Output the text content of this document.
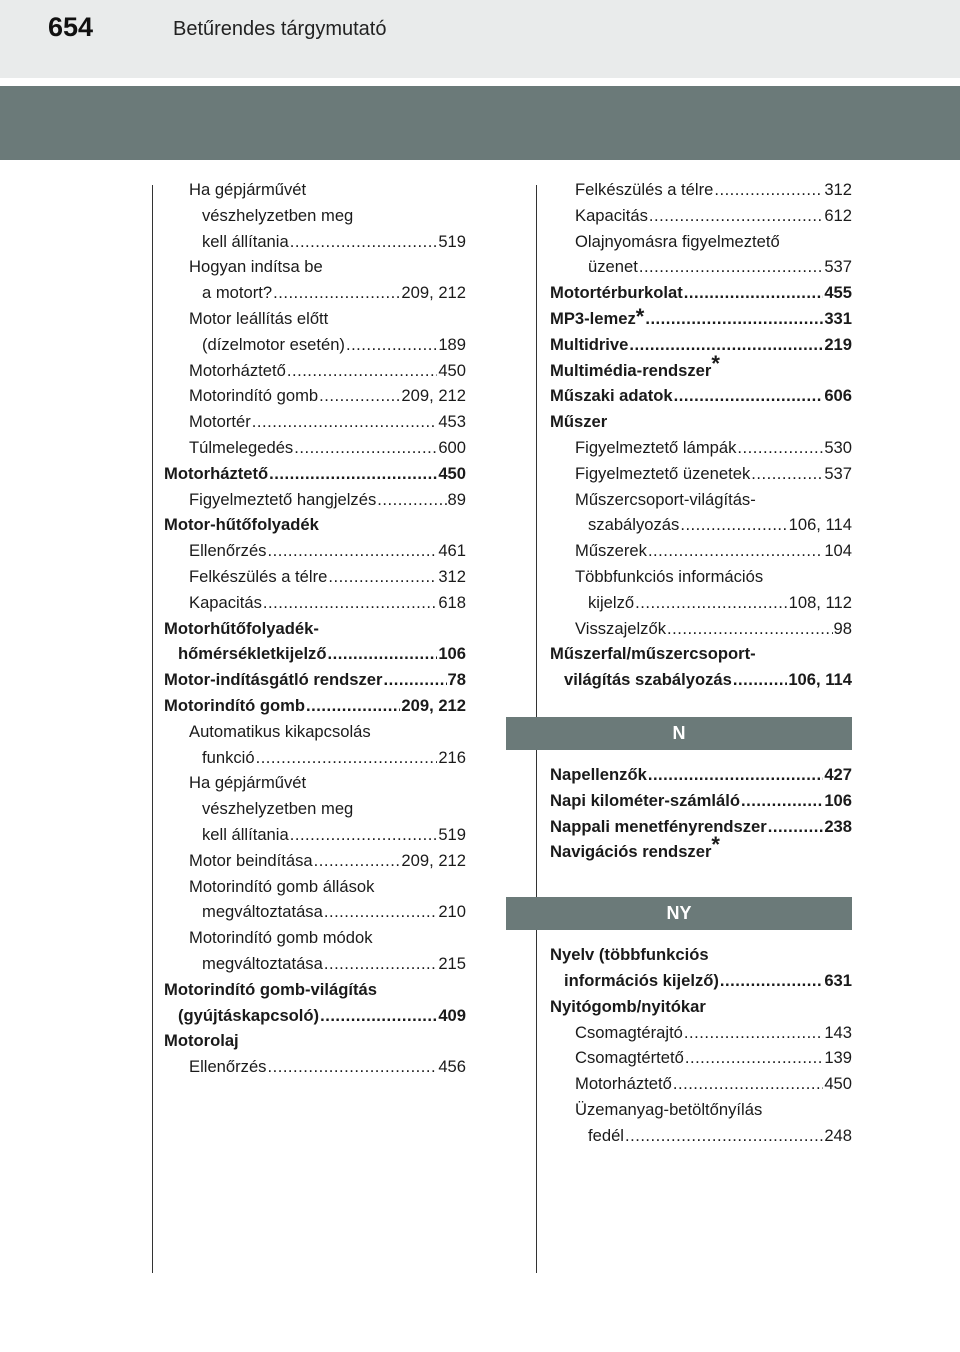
654	Betűrendes tárgymutató
Ha gépjárművét
vészhelyzetben meg
kell állítania .....	519
Hogyan indítsa be
a motort? .....	209, 212
Motor leállítás előtt
(dízelmotor esetén) .....	189
Motorháztető .....	450
Motorindító gomb .....	209, 212
Motortér .....	453
Túlmelegedés .....	600
Motorháztető .....	450
Figyelmeztető hangjelzés .....	89
Motor-hűtőfolyadék
Ellenőrzés .....	461
Felkészülés a télre .....	312
Kapacitás .....	618
Motorhűtőfolyadék-
hőmérsékletkijelző .....	106
Motor-indításgátló rendszer .....	78
Motorindító gomb .....	209, 212
Automatikus kikapcsolás
funkció .....	216
Ha gépjárművét
vészhelyzetben meg
kell állítania .....	519
Motor beindítása .....	209, 212
Motorindító gomb állások
megváltoztatása .....	210
Motorindító gomb módok
megváltoztatása .....	215
Motorindító gomb-világítás
(gyújtáskapcsoló) .....	409
Motorolaj
Ellenőrzés .....	456
Felkészülés a télre .....	312
Kapacitás .....	612
Olajnyomásra figyelmeztető
üzenet .....	537
Motortérburkolat .....	455
MP3-lemez * .....	331
Multidrive .....	219
Multimédia-rendszer*
Műszaki adatok .....	606
Műszer
Figyelmeztető lámpák .....	530
Figyelmeztető üzenetek .....	537
Műszercsoport-világítás-
szabályozás .....	106, 114
Műszerek .....	104
Többfunkciós információs
kijelző .....	108, 112
Visszajelzők .....	98
Műszerfal/műszercsoport-
világítás szabályozás .....	106, 114
N
Napellenzők .....	427
Napi kilométer-számláló .....	106
Nappali menetfényrendszer .....	238
Navigációs rendszer*
NY
Nyelv (többfunkciós
információs kijelző) .....	631
Nyitógomb/nyitókar
Csomagtérajtó .....	143
Csomagtértető .....	139
Motorháztető .....	450
Üzemanyag-betöltőnyílás
fedél .....	248
